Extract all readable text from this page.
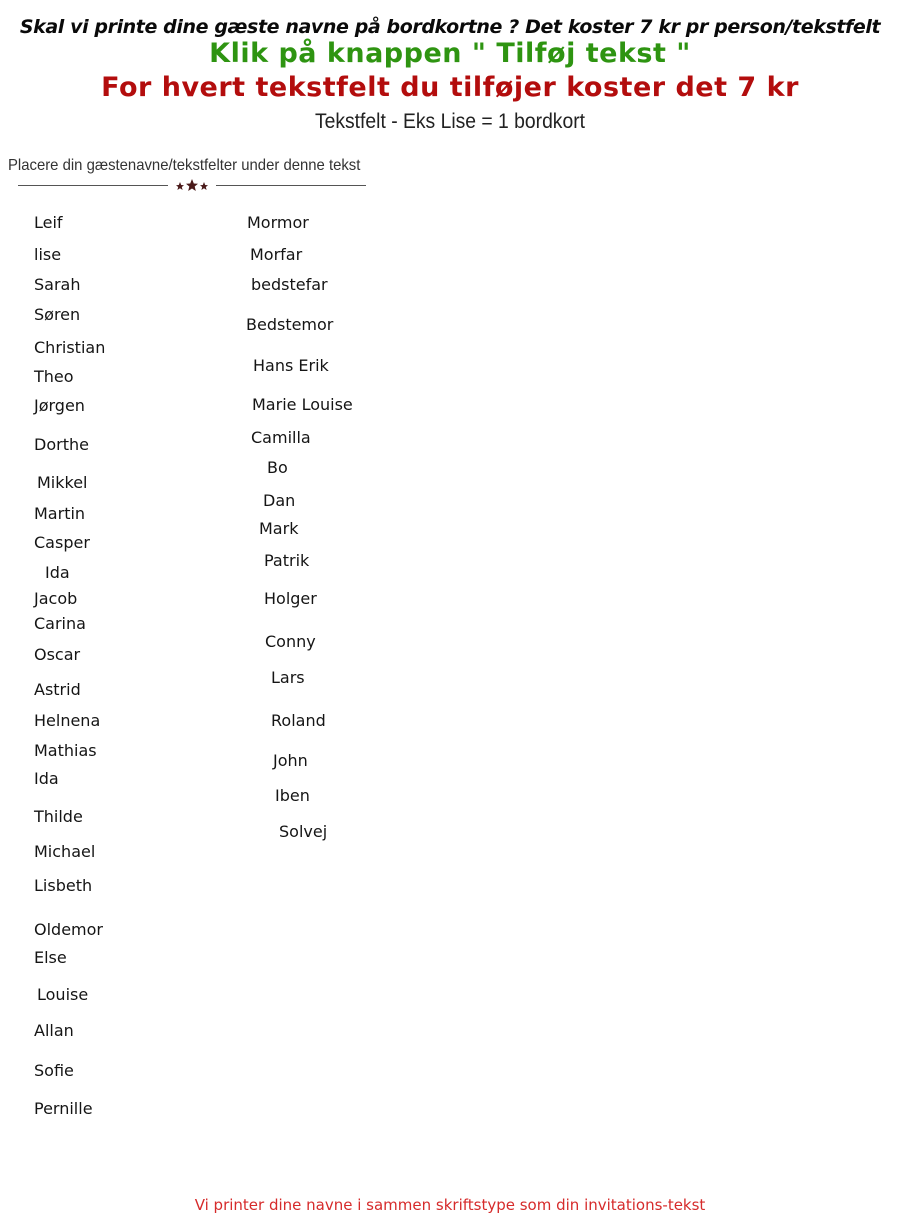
Skal vi printe dine gæste navne på bordkortne ? Det koster 7 kr pr person/tekstfelt
Klik på knappen " Tilføj tekst "
For hvert tekstfelt du tilføjer koster det 7 kr
Tekstfelt - Eks Lise = 1 bordkort
Placere din gæstenavne/tekstfelter under denne tekst
Leif
lise
Sarah
Søren
Christian
Theo
Jørgen
Dorthe
Mikkel
Martin
Casper
Ida
Jacob
Carina
Oscar
Astrid
Helnena
Mathias
Ida
Thilde
Michael
Lisbeth
Oldemor
Else
Louise
Allan
Sofie
Pernille
Mormor
Morfar
bedstefar
Bedstemor
Hans Erik
Marie Louise
Camilla
Bo
Dan
Mark
Patrik
Holger
Conny
Lars
Roland
John
Iben
Solvej
Vi printer dine navne i sammen skriftstype som din invitations-tekst
